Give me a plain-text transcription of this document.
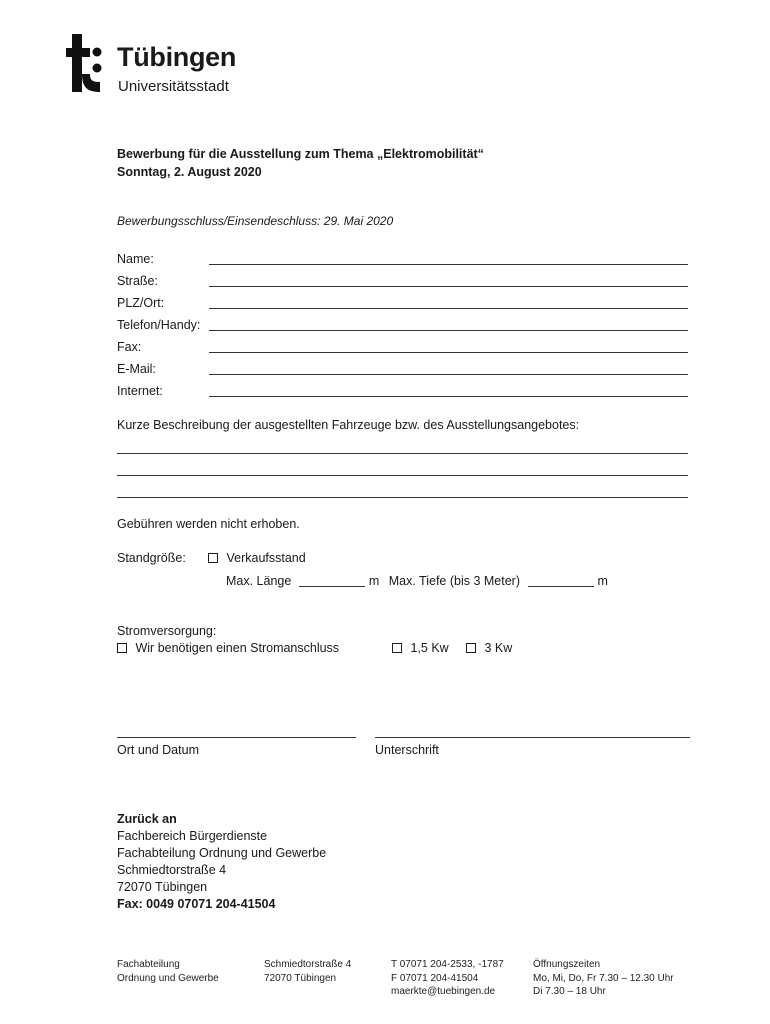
Tübingen
Universitätsstadt
Bewerbung für die Ausstellung zum Thema „Elektromobilität“
Sonntag, 2. August 2020
Bewerbungsschluss/Einsendeschluss: 29. Mai 2020
Name:
Straße:
PLZ/Ort:
Telefon/Handy:
Fax:
E-Mail:
Internet:
Kurze Beschreibung der ausgestellten Fahrzeuge bzw. des Ausstellungsangebotes:
Gebühren werden nicht erhoben.
Standgröße:	Verkaufsstand
Max. Länge	m Max. Tiefe (bis 3 Meter)	m
Stromversorgung:
Wir benötigen einen Stromanschluss	1,5 Kw	3 Kw
Ort und Datum	Unterschrift
Zurück an
Fachbereich Bürgerdienste
Fachabteilung Ordnung und Gewerbe
Schmiedtorstraße 4
72070 Tübingen
Fax: 0049 07071 204-41504
Fachabteilung
Ordnung und Gewerbe
Schmiedtorstraße 4
72070 Tübingen
T 07071 204-2533, -1787
F 07071 204-41504
maerkte@tuebingen.de
Öffnungszeiten
Mo, Mi, Do, Fr 7.30 – 12.30 Uhr
Di 7.30 – 18 Uhr
